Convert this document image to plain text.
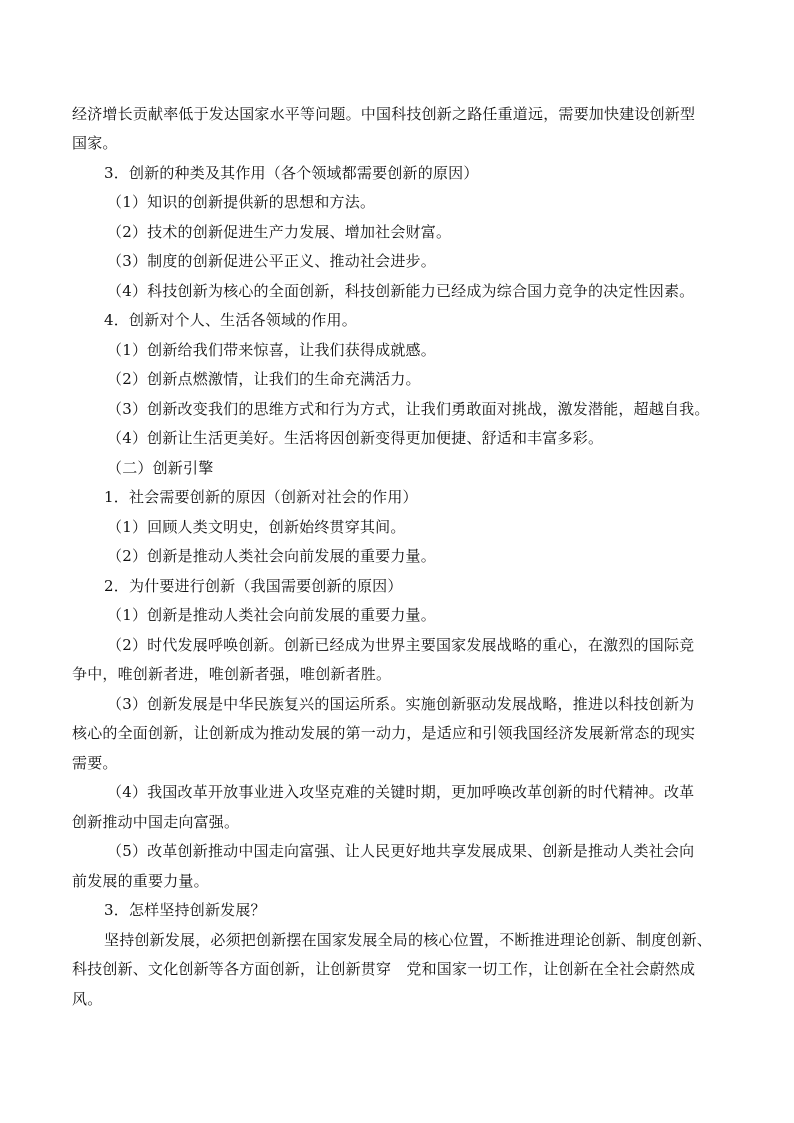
经济增长贡献率低于发达国家水平等问题。中国科技创新之路任重道远，需要加快建设创新型
国家。
3．创新的种类及其作用（各个领域都需要创新的原因）
（1）知识的创新提供新的思想和方法。
（2）技术的创新促进生产力发展、增加社会财富。
（3）制度的创新促进公平正义、推动社会进步。
（4）科技创新为核心的全面创新，科技创新能力已经成为综合国力竞争的决定性因素。
4．创新对个人、生活各领域的作用。
（1）创新给我们带来惊喜，让我们获得成就感。
（2）创新点燃激情，让我们的生命充满活力。
（3）创新改变我们的思维方式和行为方式，让我们勇敢面对挑战，激发潜能，超越自我。
（4）创新让生活更美好。生活将因创新变得更加便捷、舒适和丰富多彩。
（二）创新引擎
1．社会需要创新的原因（创新对社会的作用）
（1）回顾人类文明史，创新始终贯穿其间。
（2）创新是推动人类社会向前发展的重要力量。
2．为什要进行创新（我国需要创新的原因）
（1）创新是推动人类社会向前发展的重要力量。
（2）时代发展呼唤创新。创新已经成为世界主要国家发展战略的重心，在激烈的国际竞
争中，唯创新者进，唯创新者强，唯创新者胜。
（3）创新发展是中华民族复兴的国运所系。实施创新驱动发展战略，推进以科技创新为
核心的全面创新，让创新成为推动发展的第一动力，是适应和引领我国经济发展新常态的现实
需要。
（4）我国改革开放事业进入攻坚克难的关键时期，更加呼唤改革创新的时代精神。改革
创新推动中国走向富强。
（5）改革创新推动中国走向富强、让人民更好地共享发展成果、创新是推动人类社会向
前发展的重要力量。
3．怎样坚持创新发展？
坚持创新发展，必须把创新摆在国家发展全局的核心位置，不断推进理论创新、制度创新、
科技创新、文化创新等各方面创新，让创新贯穿　党和国家一切工作，让创新在全社会蔚然成
风。
